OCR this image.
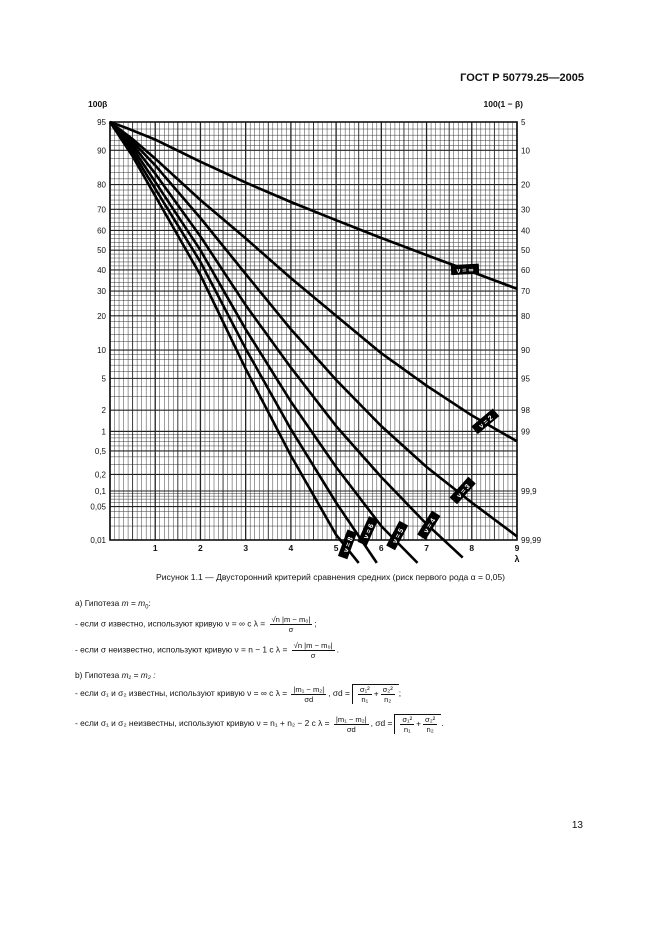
ГОСТ Р 50779.25—2005
ν = ∞
ν = 2
ν = 3
ν = 4
ν = 5
ν = 6
ν = 8
95
90
80
70
60
50
40
30
20
10
5
2
1
0,5
0,2
0,1
0,05
0,01
5
10
20
30
40
50
60
70
80
90
95
98
99
99,9
99,99
1	2	3	4	5	6	7	8	9
100β	100(1 − β)
λ
Рисунок 1.1 — Двусторонний критерий сравнения средних (риск первого рода α = 0,05)
a) Гипотеза $m = m_0$:
- если σ известно, используют кривую ν = ∞ с $\lambda = \frac{\text{√n |m − m₀|}}{\sigma}$ ;
- если σ неизвестно, используют кривую ν = n − 1 с $\lambda = \frac{\text{√n |m − m₀|}}{\sigma}$ .
b) Гипотеза m₁ = m₂ :
- если σ₁ и σ₂ известны, используют кривую ν = ∞ с $\lambda = \frac{\text{|m₁ − m₂|}}{\sigma d}$ , $\sigma d = \frac{\text{σ₁²}}{\text{n₁}} + \frac{\text{σ₂²}}{\text{n₂}}$ ;
- если σ₁ и σ₂ неизвестны, используют кривую ν = n₁ + n₂ − 2 с $\lambda = \frac{\text{|m₁ − m₂|}}{\sigma d}$ , $\sigma d = \frac{\text{σ₁²}}{\text{n₁}} + \frac{\text{σ₂²}}{\text{n₂}}$ .
13
